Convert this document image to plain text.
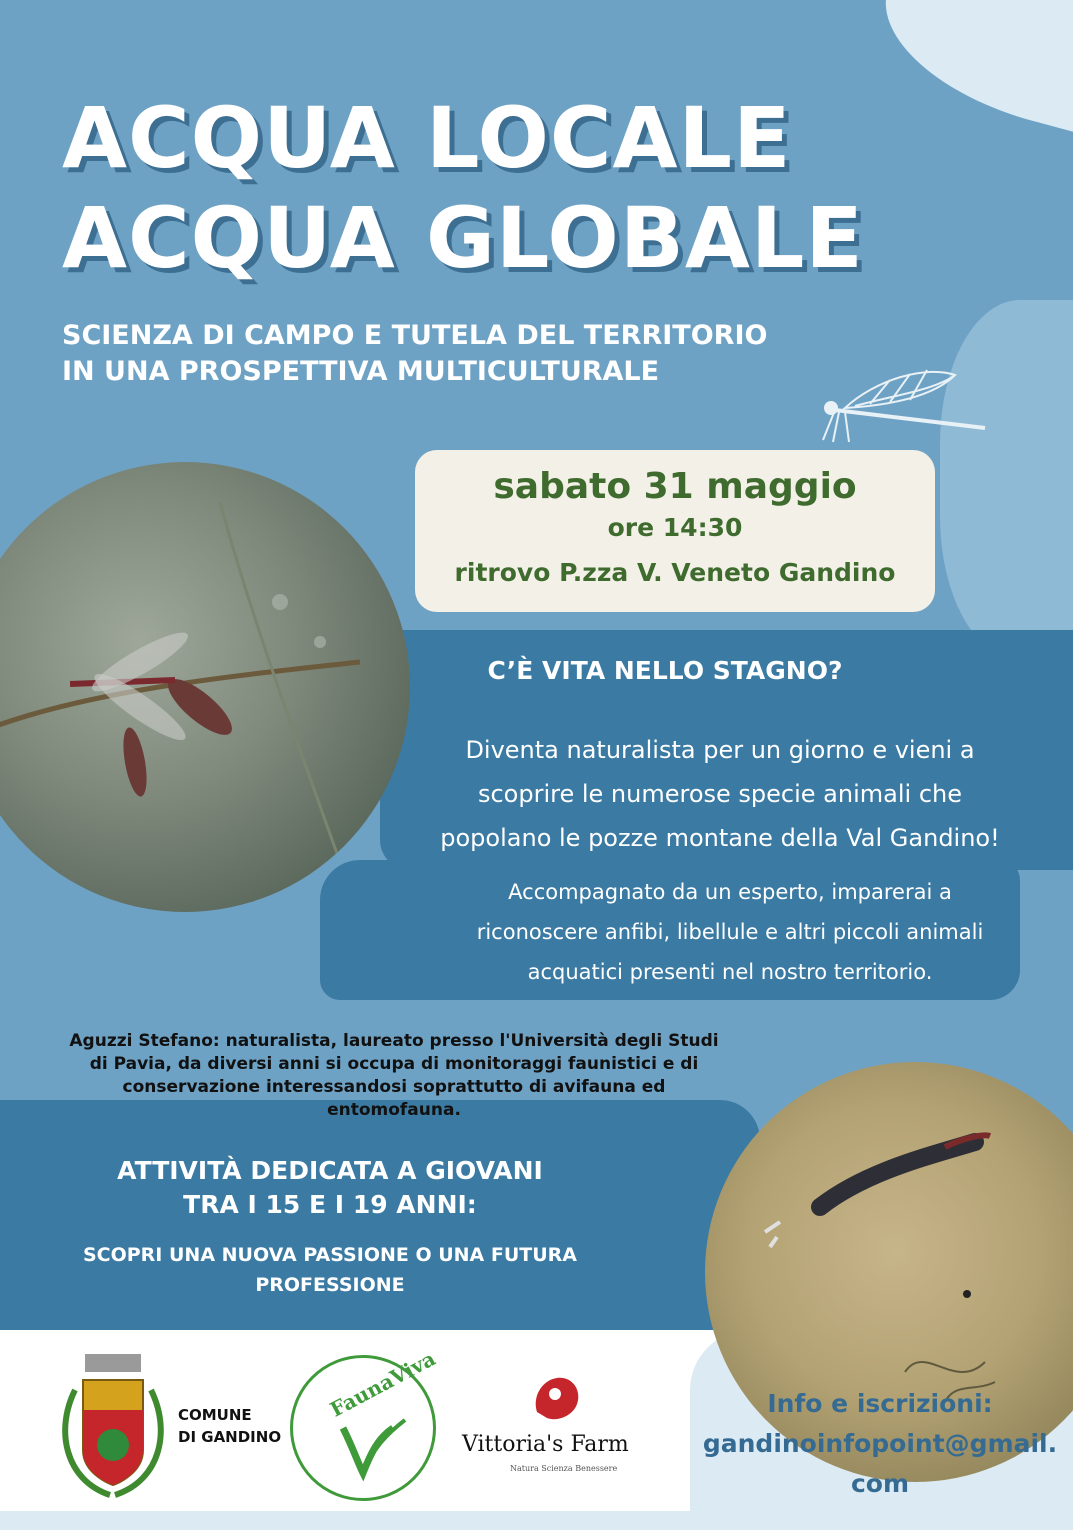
ACQUA LOCALE
ACQUA GLOBALE
SCIENZA DI CAMPO E TUTELA DEL TERRITORIO
IN UNA PROSPETTIVA MULTICULTURALE
sabato 31 maggio
ore 14:30
ritrovo P.zza V. Veneto Gandino
C’È VITA NELLO STAGNO?
Diventa naturalista per un giorno e vieni a
scoprire le numerose specie animali che
popolano le pozze montane della Val Gandino!
Accompagnato da un esperto, imparerai a
riconoscere anfibi, libellule e altri piccoli animali
acquatici presenti nel nostro territorio.
Aguzzi Stefano: naturalista, laureato presso l'Università degli Studi
di Pavia, da diversi anni si occupa di monitoraggi faunistici e di
conservazione interessandosi soprattutto di avifauna ed
entomofauna.
ATTIVITÀ DEDICATA A GIOVANI
TRA I 15 E I 19 ANNI:
SCOPRI UNA NUOVA PASSIONE O UNA FUTURA
PROFESSIONE
COMUNE
DI GANDINO
FaunaViva
Vittoria's Farm
Natura Scienza Benessere
Info e iscrizioni:
gandinoinfopoint@gmail.
com
